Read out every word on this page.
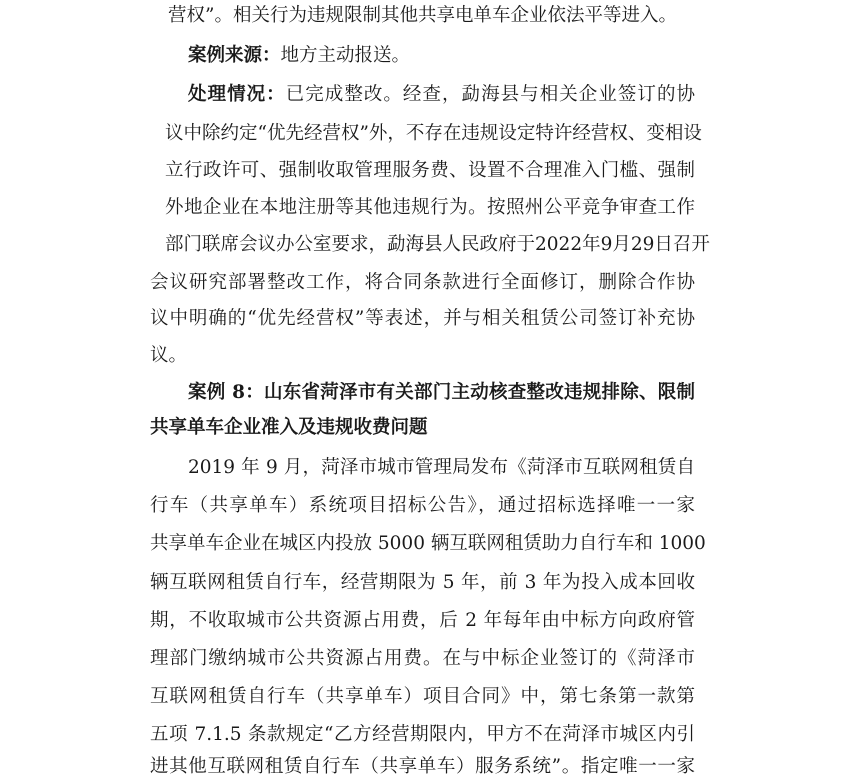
营权”。相关行为违规限制其他共享电单车企业依法平等进入。
案例来源：地方主动报送。
处理情况：已完成整改。经查，勐海县与相关企业签订的协
议中除约定“优先经营权”外，不存在违规设定特许经营权、变相设
立行政许可、强制收取管理服务费、设置不合理准入门槛、强制
外地企业在本地注册等其他违规行为。按照州公平竞争审查工作
部门联席会议办公室要求，勐海县人民政府于2022年9月29日召开
会议研究部署整改工作，将合同条款进行全面修订，删除合作协
议中明确的“优先经营权”等表述，并与相关租赁公司签订补充协
议。
案例 8：山东省菏泽市有关部门主动核查整改违规排除、限制
共享单车企业准入及违规收费问题
2019 年 9 月，菏泽市城市管理局发布《菏泽市互联网租赁自
行车（共享单车）系统项目招标公告》，通过招标选择唯一一家
共享单车企业在城区内投放 5000 辆互联网租赁助力自行车和 1000
辆互联网租赁自行车，经营期限为 5 年，前 3 年为投入成本回收
期，不收取城市公共资源占用费，后 2 年每年由中标方向政府管
理部门缴纳城市公共资源占用费。在与中标企业签订的《菏泽市
互联网租赁自行车（共享单车）项目合同》中，第七条第一款第
五项 7.1.5 条款规定“乙方经营期限内，甲方不在菏泽市城区内引
进其他互联网租赁自行车（共享单车）服务系统”。指定唯一一家
